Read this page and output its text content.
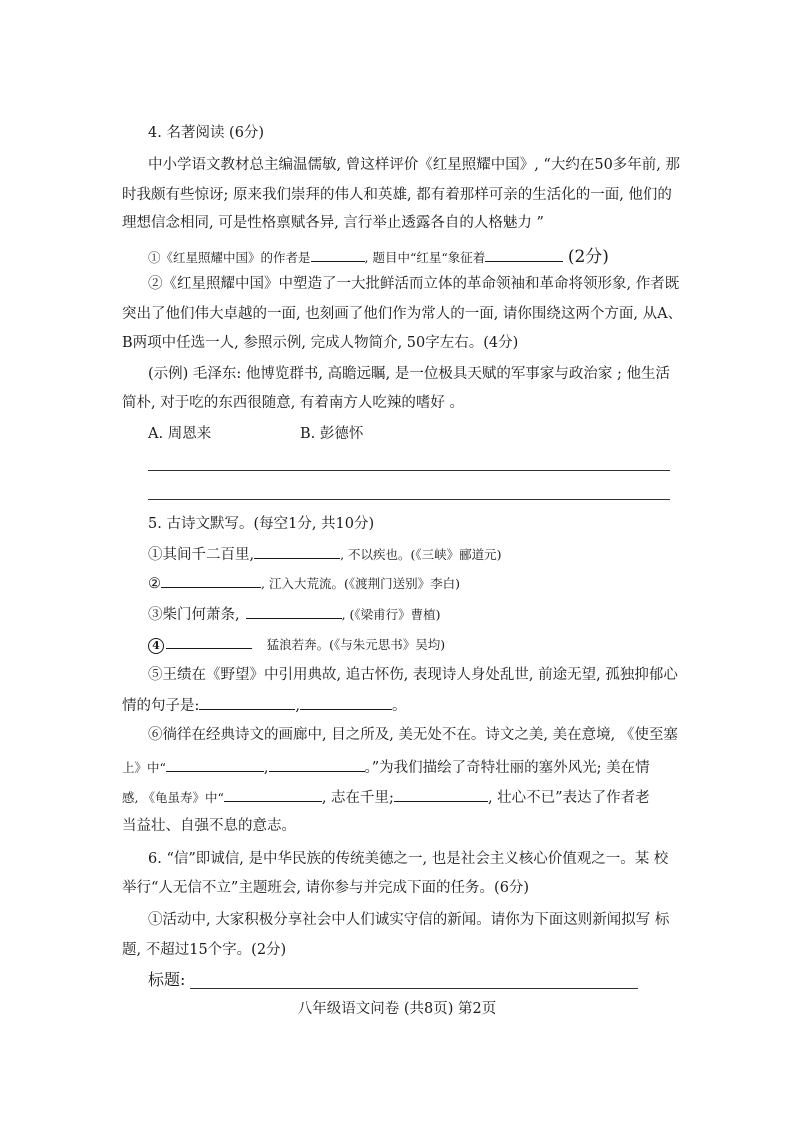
4. 名著阅读 (6分)
中小学语文教材总主编温儒敏, 曾这样评价《红星照耀中国》, “大约在50多年前, 那
时我颇有些惊讶; 原来我们崇拜的伟人和英雄, 都有着那样可亲的生活化的一面, 他们的
理想信念相同, 可是性格禀赋各异, 言行举止透露各自的人格魅力 ”
①《红星照耀中国》的作者是	, 题目中“红星“象征着	(2分)
②《红星照耀中国》中塑造了一大批鲜活而立体的革命领袖和革命将领形象, 作者既
突出了他们伟大卓越的一面, 也刻画了他们作为常人的一面, 请你围绕这两个方面, 从A、
B两项中任选一人, 参照示例, 完成人物简介, 50字左右。(4分)
(示例) 毛泽东: 他博览群书, 高瞻远瞩, 是一位极具天赋的军事家与政治家 ; 他生活
简朴, 对于吃的东西很随意, 有着南方人吃辣的嗜好 。
A. 周恩来	B. 彭德怀
5. 古诗文默写。(每空1分, 共10分)
①其间千二百里,	, 不以疾也。(《三峡》郦道元)
②	, 江入大荒流。(《渡荆门送别》李白)
③柴门何萧条,	, (《梁甫行》曹植)
4	猛浪若奔。(《与朱元思书》吴均)
⑤王绩在《野望》中引用典故, 追古怀伤, 表现诗人身处乱世, 前途无望, 孤独抑郁心
情的句子是:	,	。
⑥徜徉在经典诗文的画廊中, 目之所及, 美无处不在。诗文之美, 美在意境, 《使至塞
上》中“	,	。”为我们描绘了奇特壮丽的塞外风光; 美在情
感, 《龟虽寿》中“	, 志在千里;	, 壮心不已”表达了作者老
当益壮、自强不息的意志。
6. “信”即诚信, 是中华民族的传统美德之一, 也是社会主义核心价值观之一。某 校
举行“人无信不立”主题班会, 请你参与并完成下面的任务。(6分)
①活动中, 大家积极分享社会中人们诚实守信的新闻。请你为下面这则新闻拟写 标
题, 不超过15个字。(2分)
标题:
八年级语文问卷 (共8页) 第2页
